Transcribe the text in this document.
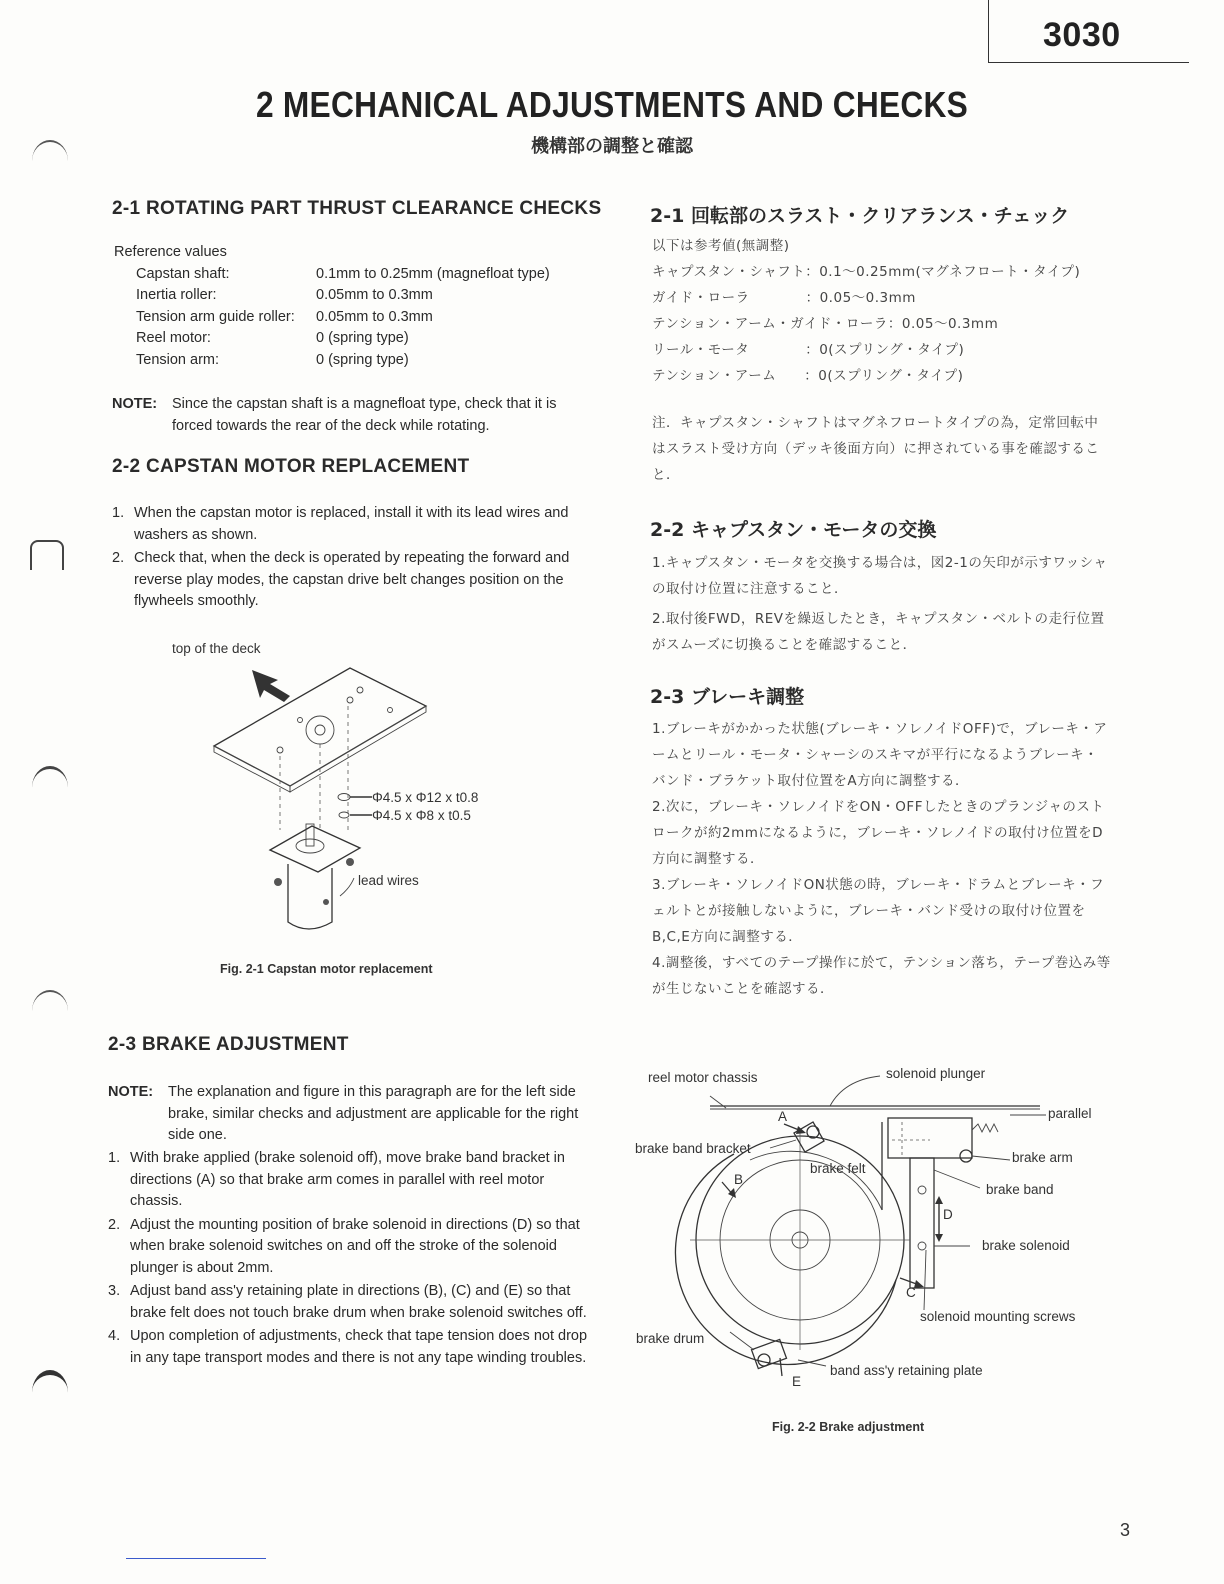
3030
2 MECHANICAL ADJUSTMENTS AND CHECKS
機構部の調整と確認
2-1 ROTATING PART THRUST CLEARANCE CHECKS
Reference values
Capstan shaft:	0.1mm to 0.25mm (magnefloat type)
Inertia roller:	0.05mm to 0.3mm
Tension arm guide roller:	0.05mm to 0.3mm
Reel motor:	0 (spring type)
Tension arm:	0 (spring type)
NOTE:	Since the capstan shaft is a magnefloat type, check that it is forced towards the rear of the deck while rotating.
2-2 CAPSTAN MOTOR REPLACEMENT
1. When the capstan motor is replaced, install it with its lead wires and washers as shown.
2. Check that, when the deck is operated by repeating the forward and reverse play modes, the capstan drive belt changes position on the flywheels smoothly.
top of the deck
Φ4.5 x Φ12 x t0.8
Φ4.5 x Φ8 x t0.5
lead wires
Fig. 2-1 Capstan motor replacement
2-3 BRAKE ADJUSTMENT
NOTE:	The explanation and figure in this paragraph are for the left side brake, similar checks and adjustment are applicable for the right side one.
1. With brake applied (brake solenoid off), move brake band bracket in directions (A) so that brake arm comes in parallel with reel motor chassis.
2. Adjust the mounting position of brake solenoid in directions (D) so that when brake solenoid switches on and off the stroke of the solenoid plunger is about 2mm.
3. Adjust band ass'y retaining plate in directions (B), (C) and (E) so that brake felt does not touch brake drum when brake solenoid switches off.
4. Upon completion of adjustments, check that tape tension does not drop in any tape transport modes and there is not any tape winding troubles.
2-1 回転部のスラスト・クリアランス・チェック
以下は参考値(無調整)
キャプスタン・シャフト：0.1～0.25mm(マグネフロート・タイプ)
ガイド・ローラ　　　　：0.05～0.3mm
テンション・アーム・ガイド・ローラ：0.05～0.3mm
リール・モータ　　　　：0(スプリング・タイプ)
テンション・アーム　　：0(スプリング・タイプ)
注．キャプスタン・シャフトはマグネフロートタイプの為，定常回転中はスラスト受け方向（デッキ後面方向）に押されている事を確認すること．
2-2 キャプスタン・モータの交換
1.キャプスタン・モータを交換する場合は，図2-1の矢印が示すワッシャの取付け位置に注意すること．
2.取付後FWD，REVを繰返したとき，キャプスタン・ベルトの走行位置がスムーズに切換ることを確認すること．
2-3 ブレーキ調整
1.ブレーキがかかった状態(ブレーキ・ソレノイドOFF)で，ブレーキ・アームとリール・モータ・シャーシのスキマが平行になるようブレーキ・バンド・ブラケット取付位置をA方向に調整する．
2.次に，ブレーキ・ソレノイドをON・OFFしたときのプランジャのストロークが約2mmになるように，ブレーキ・ソレノイドの取付け位置をD方向に調整する．
3.ブレーキ・ソレノイドON状態の時，ブレーキ・ドラムとブレーキ・フェルトとが接触しないように，ブレーキ・バンド受けの取付け位置をB,C,E方向に調整する．
4.調整後，すべてのテープ操作に於て，テンション落ち，テープ巻込み等が生じないことを確認する．
reel motor chassis	solenoid plunger
parallel
brake band bracket
brake arm
brake felt
brake band
brake solenoid
solenoid mounting screws
brake drum
band ass'y retaining plate
A
B
C
D
E
Fig. 2-2 Brake adjustment
3
